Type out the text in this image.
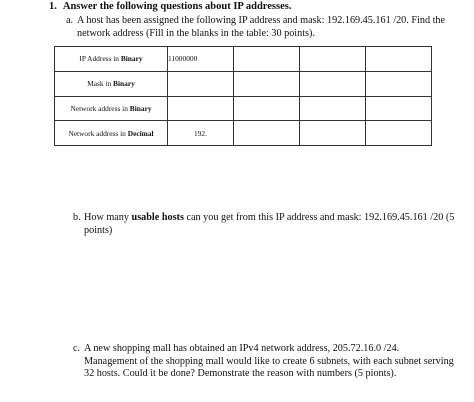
1. Answer the following questions about IP addresses.
a. A host has been assigned the following IP address and mask: 192.169.45.161 /20. Find the
network address (Fill in the blanks in the table: 30 points).
IP Address in Binary	11000000			
Mask in Binary				
Network address in Binary				
Network address in Decimal	192.			
b. How many usable hosts can you get from this IP address and mask: 192.169.45.161 /20 (5
points)
c. A new shopping mall has obtained an IPv4 network address, 205.72.16.0 /24.
Management of the shopping mall would like to create 6 subnets, with each subnet serving
32 hosts. Could it be done? Demonstrate the reason with numbers (5 pionts).
